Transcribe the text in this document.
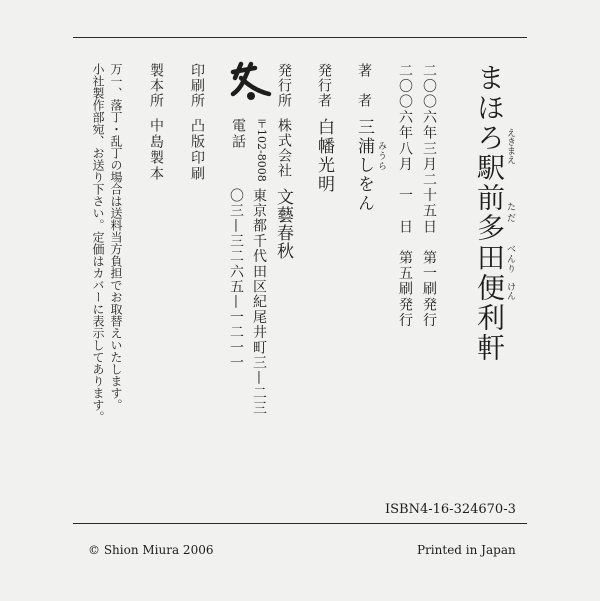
まほろ駅前多田便利軒
えきまえ
ただ
べんり
けん
二〇〇六年三月二十五日　第一刷発行
二〇〇六年八月　一　日　第五刷発行
著　者
三浦しをん みうら
発行者
白幡光明
発行所
株式会社
文藝春秋
〒102-8008
東京都千代田区紀尾井町三—二三
電話
〇三—三二六五—一二一一
印刷所
凸版印刷
製本所
中島製本
万一、落丁・乱丁の場合は送料当方負担でお取替えいたします。
小社製作部宛、お送り下さい。定価はカバーに表示してあります。
ISBN4-16-324670-3
© Shion Miura 2006	Printed in Japan
